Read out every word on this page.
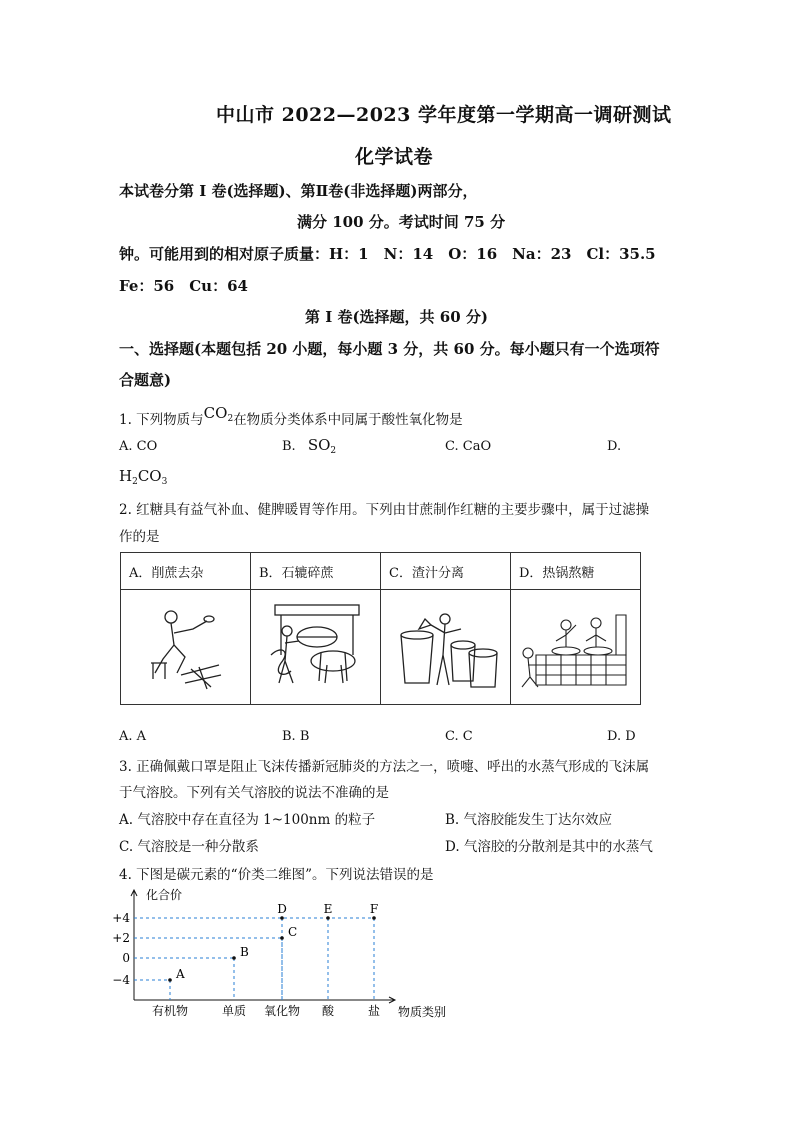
中山市 2022—2023 学年度第一学期高一调研测试
化学试卷
本试卷分第 I 卷(选择题)、第Ⅱ卷(非选择题)两部分，
满分 100 分。考试时间 75 分
钟。可能用到的相对原子质量：H：1　N：14　O：16　Na：23　Cl：35.5
Fe：56　Cu：64
第 I 卷(选择题，共 60 分)
一、选择题(本题包括 20 小题，每小题 3 分，共 60 分。每小题只有一个选项符
合题意)
1. 下列物质与$CO_2$在物质分类体系中同属于酸性氧化物是
A. CO	B. $SO_2$	C. CaO	D.
$H_2CO_3$
2. 红糖具有益气补血、健脾暖胃等作用。下列由甘蔗制作红糖的主要步骤中，属于过滤操
作的是
A．削蔗去杂	B．石辘碎蔗	C．渣汁分离	D．热锅熬糖

A. A	B. B	C. C	D. D
3. 正确佩戴口罩是阻止飞沫传播新冠肺炎的方法之一，喷嚏、呼出的水蒸气形成的飞沫属
于气溶胶。下列有关气溶胶的说法不准确的是
A. 气溶胶中存在直径为 1~100nm 的粒子	B. 气溶胶能发生丁达尔效应
C. 气溶胶是一种分散系	D. 气溶胶的分散剂是其中的水蒸气
4. 下图是碳元素的“价类二维图”。下列说法错误的是
化合价
物质类别
+4
+2
0
−4
有机物	单质 氧化物 酸	盐
A
B
C
D	E	F
